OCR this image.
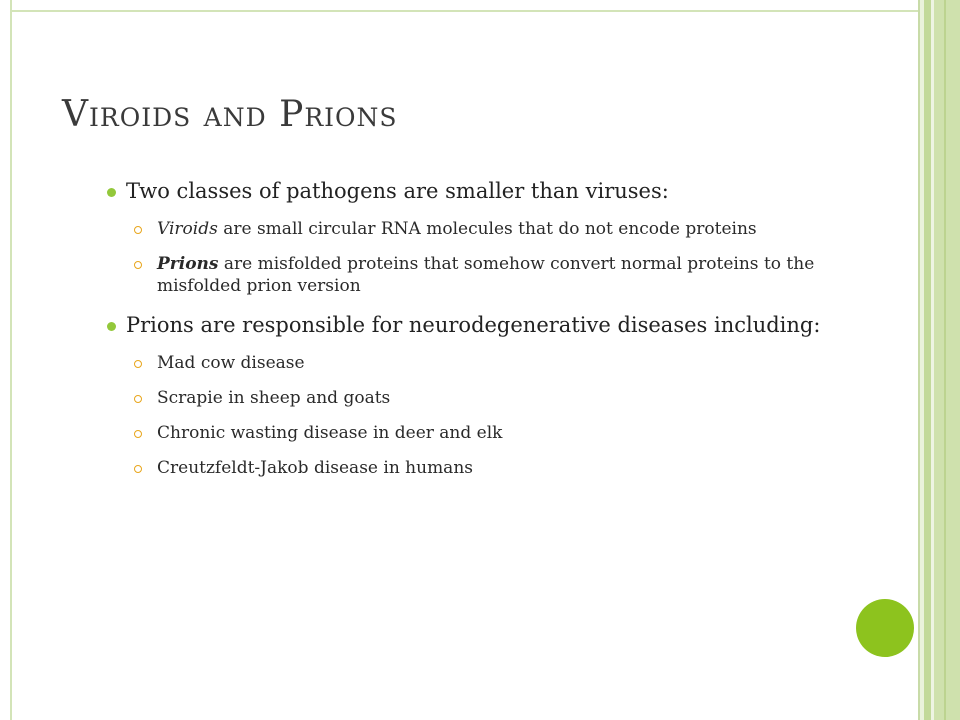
Viroids and Prions
Two classes of pathogens are smaller than viruses:
Viroids are small circular RNA molecules that do not encode proteins
Prions are misfolded proteins that somehow convert normal proteins to the misfolded prion version
Prions are responsible for neurodegenerative diseases including:
Mad cow disease
Scrapie in sheep and goats
Chronic wasting disease in deer and elk
Creutzfeldt-Jakob disease in humans
